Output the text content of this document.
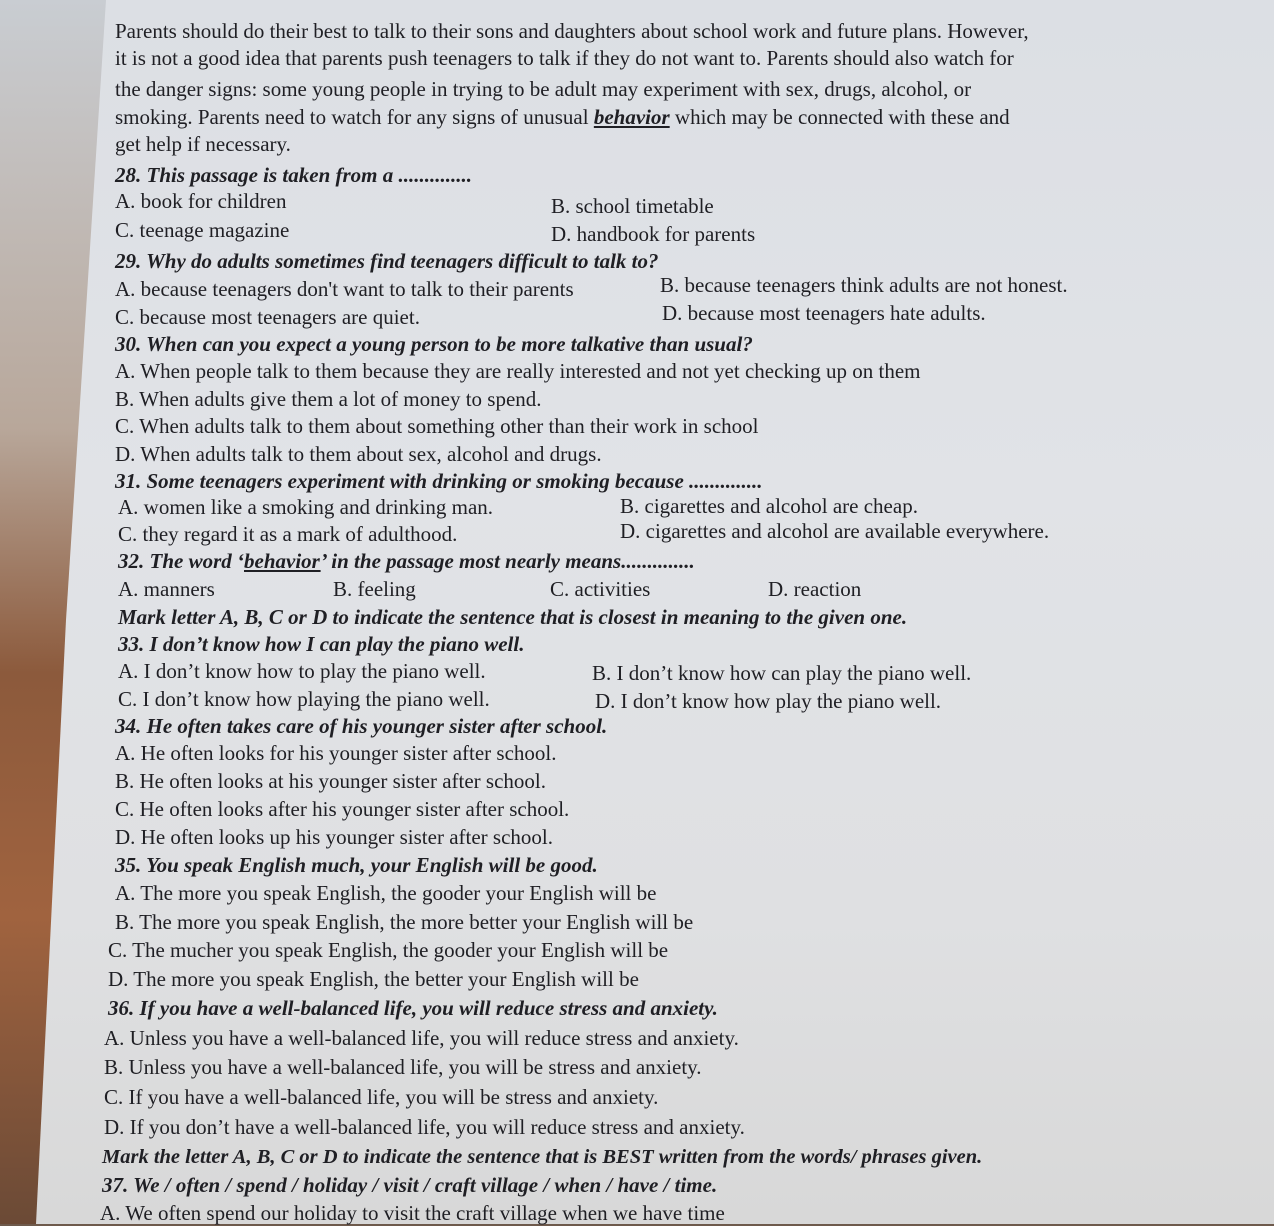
Parents should do their best to talk to their sons and daughters about school work and future plans. However,
it is not a good idea that parents push teenagers to talk if they do not want to. Parents should also watch for
the danger signs: some young people in trying to be adult may experiment with sex, drugs, alcohol, or
smoking. Parents need to watch for any signs of unusual behavior which may be connected with these and
get help if necessary.
28. This passage is taken from a ..............
A. book for children	B. school timetable
C. teenage magazine	D. handbook for parents
29. Why do adults sometimes find teenagers difficult to talk to?
A. because teenagers don't want to talk to their parents	B. because teenagers think adults are not honest.
C. because most teenagers are quiet.	D. because most teenagers hate adults.
30. When can you expect a young person to be more talkative than usual?
A. When people talk to them because they are really interested and not yet checking up on them
B. When adults give them a lot of money to spend.
C. When adults talk to them about something other than their work in school
D. When adults talk to them about sex, alcohol and drugs.
31. Some teenagers experiment with drinking or smoking because ..............
A. women like a smoking and drinking man.	B. cigarettes and alcohol are cheap.
C. they regard it as a mark of adulthood.	D. cigarettes and alcohol are available everywhere.
32. The word ‘behavior’ in the passage most nearly means..............
A. manners	B. feeling	C. activities	D. reaction
Mark letter A, B, C or D to indicate the sentence that is closest in meaning to the given one.
33. I don’t know how I can play the piano well.
A. I don’t know how to play the piano well.	B. I don’t know how can play the piano well.
C. I don’t know how playing the piano well.	D. I don’t know how play the piano well.
34. He often takes care of his younger sister after school.
A. He often looks for his younger sister after school.
B. He often looks at his younger sister after school.
C. He often looks after his younger sister after school.
D. He often looks up his younger sister after school.
35. You speak English much, your English will be good.
A. The more you speak English, the gooder your English will be
B. The more you speak English, the more better your English will be
C. The mucher you speak English, the gooder your English will be
D. The more you speak English, the better your English will be
36. If you have a well-balanced life, you will reduce stress and anxiety.
A. Unless you have a well-balanced life, you will reduce stress and anxiety.
B. Unless you have a well-balanced life, you will be stress and anxiety.
C. If you have a well-balanced life, you will be stress and anxiety.
D. If you don’t have a well-balanced life, you will reduce stress and anxiety.
Mark the letter A, B, C or D to indicate the sentence that is BEST written from the words/ phrases given.
37. We / often / spend / holiday / visit / craft village / when / have / time.
A. We often spend our holiday to visit the craft village when we have time
